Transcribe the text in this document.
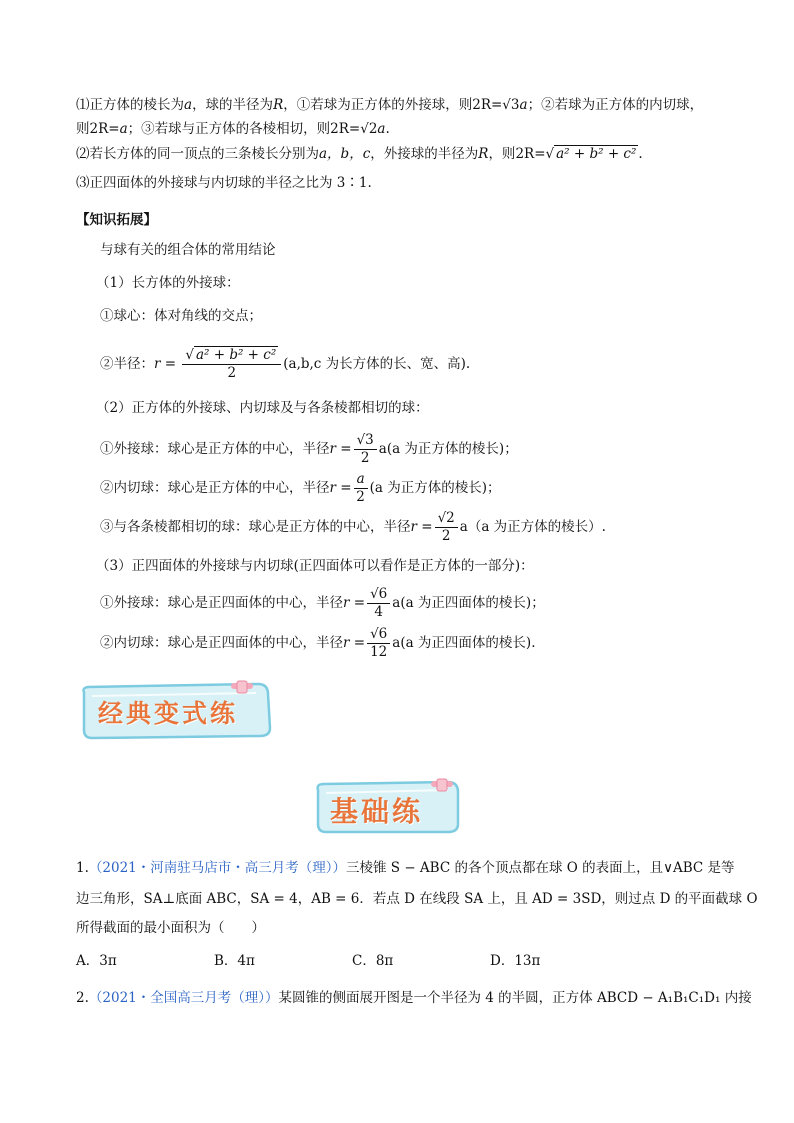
⑴正方体的棱长为a，球的半径为R，①若球为正方体的外接球，则2R=√3a；②若球为正方体的内切球，
则2R=a；③若球与正方体的各棱相切，则2R=√2a.
⑵若长方体的同一顶点的三条棱长分别为a，b，c，外接球的半径为R，则2R=√ a² + b² + c² .
⑶正四面体的外接球与内切球的半径之比为 3∶1.
【知识拓展】
与球有关的组合体的常用结论
（1）长方体的外接球：
①球心：体对角线的交点；
②半径：$r = \frac{\text{√ a² + b² + c²}}{2} (a,b,c$ 为长方体的长、宽、高).
（2）正方体的外接球、内切球及与各条棱都相切的球：
①外接球：球心是正方体的中心，半径$r = \frac{√3}{2} a(a$ 为正方体的棱长)；
②内切球：球心是正方体的中心，半径$r = \frac{a}{2} (a$ 为正方体的棱长)；
③与各条棱都相切的球：球心是正方体的中心，半径$r = \frac{√2}{2} a(a$ 为正方体的棱长）.
（3）正四面体的外接球与内切球(正四面体可以看作是正方体的一部分)：
①外接球：球心是正四面体的中心，半径$r = \frac{√6}{4} a(a$ 为正四面体的棱长)；
②内切球：球心是正四面体的中心，半径$r = \frac{√6}{12} a(a$ 为正四面体的棱长).
经典变式练
基础练
1.（2021・河南驻马店市・高三月考（理））三棱锥 S − ABC 的各个顶点都在球 O 的表面上，且∨ABC 是等
边三角形，SA⊥底面 ABC，SA = 4，AB = 6．若点 D 在线段 SA 上，且 AD = 3SD，则过点 D 的平面截球 O
所得截面的最小面积为（　　）
A．3π	B．4π	C．8π	D．13π
2.（2021・全国高三月考（理））某圆锥的侧面展开图是一个半径为 4 的半圆，正方体 ABCD − A₁B₁C₁D₁ 内接
